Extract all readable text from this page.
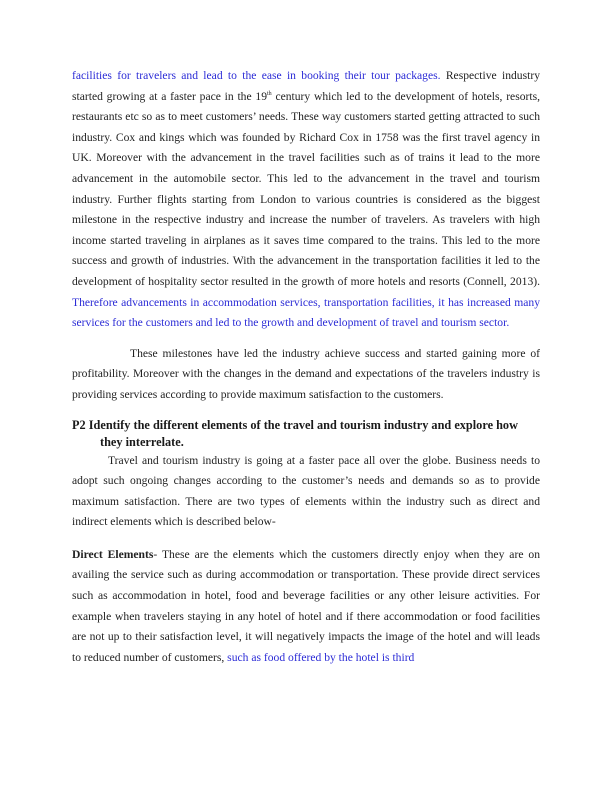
facilities for travelers and lead to the ease in booking their tour packages. Respective industry started growing at a faster pace in the 19th century which led to the development of hotels, resorts, restaurants etc so as to meet customers’ needs. These way customers started getting attracted to such industry. Cox and kings which was founded by Richard Cox in 1758 was the first travel agency in UK. Moreover with the advancement in the travel facilities such as of trains it lead to the more advancement in the automobile sector. This led to the advancement in the travel and tourism industry. Further flights starting from London to various countries is considered as the biggest milestone in the respective industry and increase the number of travelers. As travelers with high income started traveling in airplanes as it saves time compared to the trains. This led to the more success and growth of industries. With the advancement in the transportation facilities it led to the development of hospitality sector resulted in the growth of more hotels and resorts (Connell, 2013). Therefore advancements in accommodation services, transportation facilities, it has increased many services for the customers and led to the growth and development of travel and tourism sector.

These milestones have led the industry achieve success and started gaining more of profitability. Moreover with the changes in the demand and expectations of the travelers industry is providing services according to provide maximum satisfaction to the customers.

P2 Identify the different elements of the travel and tourism industry and explore how they interrelate.

Travel and tourism industry is going at a faster pace all over the globe. Business needs to adopt such ongoing changes according to the customer’s needs and demands so as to provide maximum satisfaction. There are two types of elements within the industry such as direct and indirect elements which is described below-

Direct Elements- These are the elements which the customers directly enjoy when they are on availing the service such as during accommodation or transportation. These provide direct services such as accommodation in hotel, food and beverage facilities or any other leisure activities. For example when travelers staying in any hotel of hotel and if there accommodation or food facilities are not up to their satisfaction level, it will negatively impacts the image of the hotel and will leads to reduced number of customers, such as food offered by the hotel is third
